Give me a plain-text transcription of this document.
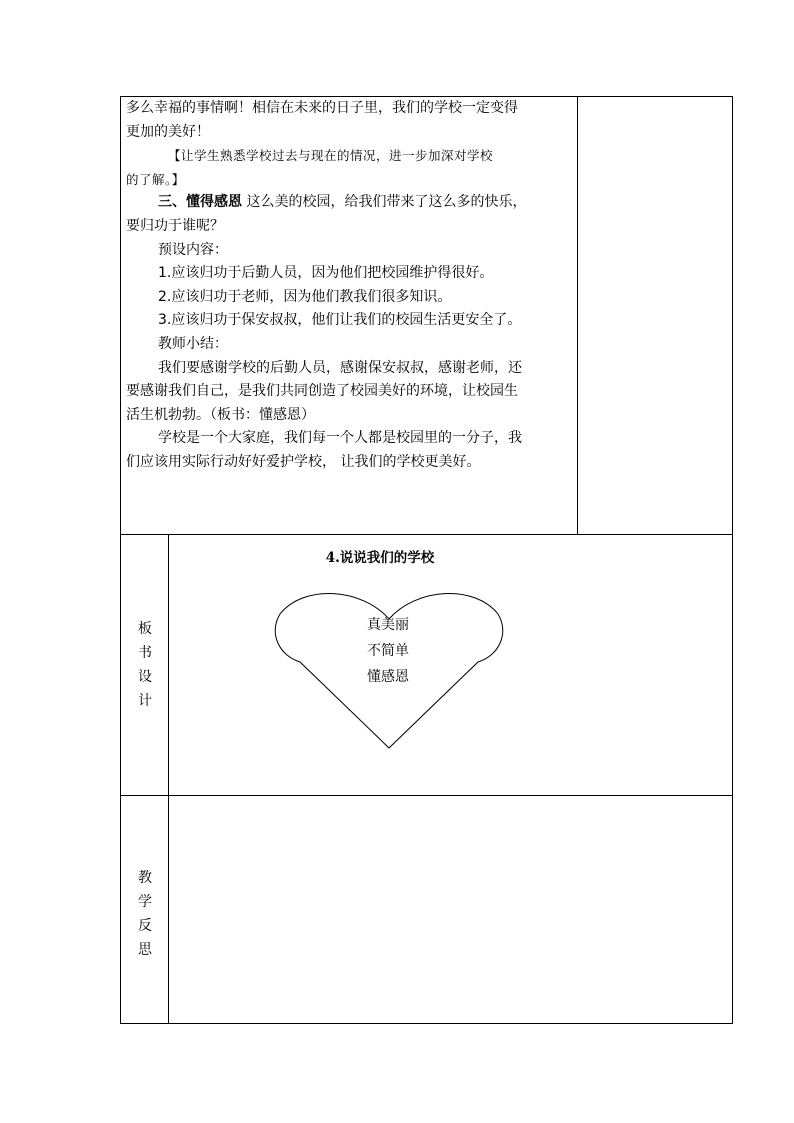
多么幸福的事情啊！相信在未来的日子里，我们的学校一定变得

更加的美好！

【让学生熟悉学校过去与现在的情况，进一步加深对学校

的了解。】

三、懂得感恩 这么美的校园，给我们带来了这么多的快乐，

要归功于谁呢？

预设内容：

1.应该归功于后勤人员，因为他们把校园维护得很好。

2.应该归功于老师，因为他们教我们很多知识。

3.应该归功于保安叔叔，他们让我们的校园生活更安全了。

教师小结：

我们要感谢学校的后勤人员，感谢保安叔叔，感谢老师，还

要感谢我们自己，是我们共同创造了校园美好的环境，让校园生

活生机勃勃。（板书：懂感恩）

学校是一个大家庭，我们每一个人都是校园里的一分子，我

们应该用实际行动好好爱护学校， 让我们的学校更美好。

板
书
设
计
4.说说我们的学校
真美丽
不简单
懂感恩
教
学
反
思
